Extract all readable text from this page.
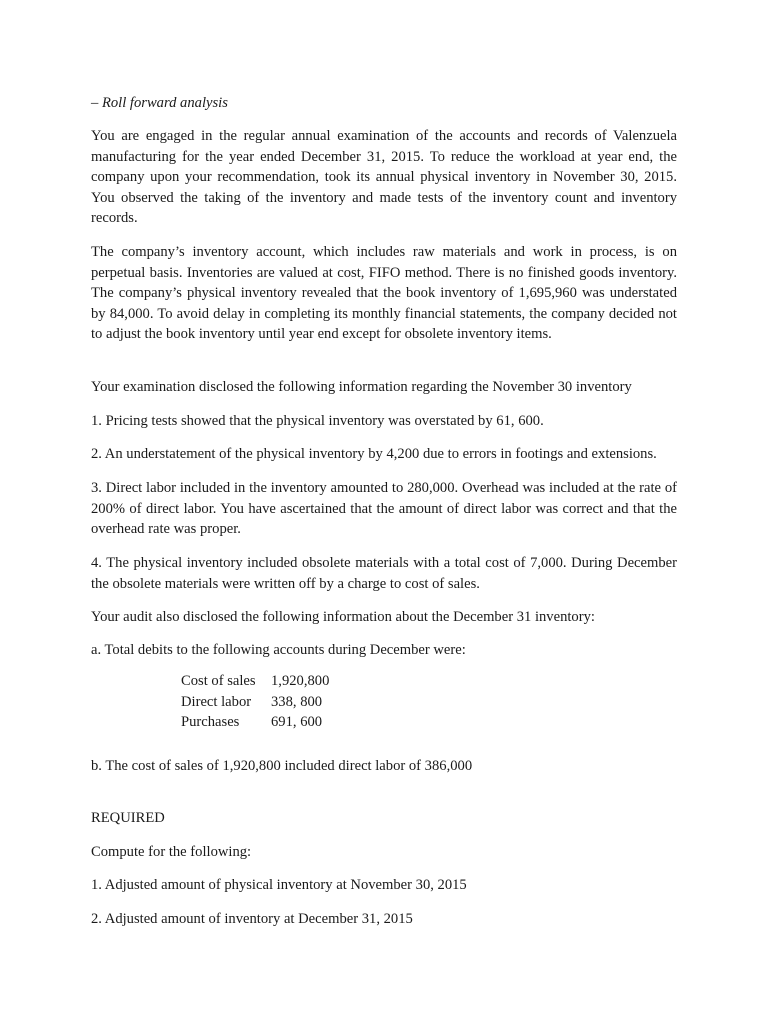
– Roll forward analysis

You are engaged in the regular annual examination of the accounts and records of Valenzuela manufacturing for the year ended December 31, 2015. To reduce the workload at year end, the company upon your recommendation, took its annual physical inventory in November 30, 2015. You observed the taking of the inventory and made tests of the inventory count and inventory records.

The company’s inventory account, which includes raw materials and work in process, is on perpetual basis. Inventories are valued at cost, FIFO method. There is no finished goods inventory. The company’s physical inventory revealed that the book inventory of 1,695,960 was understated by 84,000. To avoid delay in completing its monthly financial statements, the company decided not to adjust the book inventory until year end except for obsolete inventory items.

Your examination disclosed the following information regarding the November 30 inventory

1. Pricing tests showed that the physical inventory was overstated by 61, 600.

2. An understatement of the physical inventory by 4,200 due to errors in footings and extensions.

3. Direct labor included in the inventory amounted to 280,000. Overhead was included at the rate of 200% of direct labor. You have ascertained that the amount of direct labor was correct and that the overhead rate was proper.

4. The physical inventory included obsolete materials with a total cost of 7,000. During December the obsolete materials were written off by a charge to cost of sales.

Your audit also disclosed the following information about the December 31 inventory:

a. Total debits to the following accounts during December were:

Cost of sales	1,920,800
Direct labor	338, 800
Purchases	691, 600

b. The cost of sales of 1,920,800 included direct labor of 386,000

REQUIRED

Compute for the following:

1. Adjusted amount of physical inventory at November 30, 2015

2. Adjusted amount of inventory at December 31, 2015
